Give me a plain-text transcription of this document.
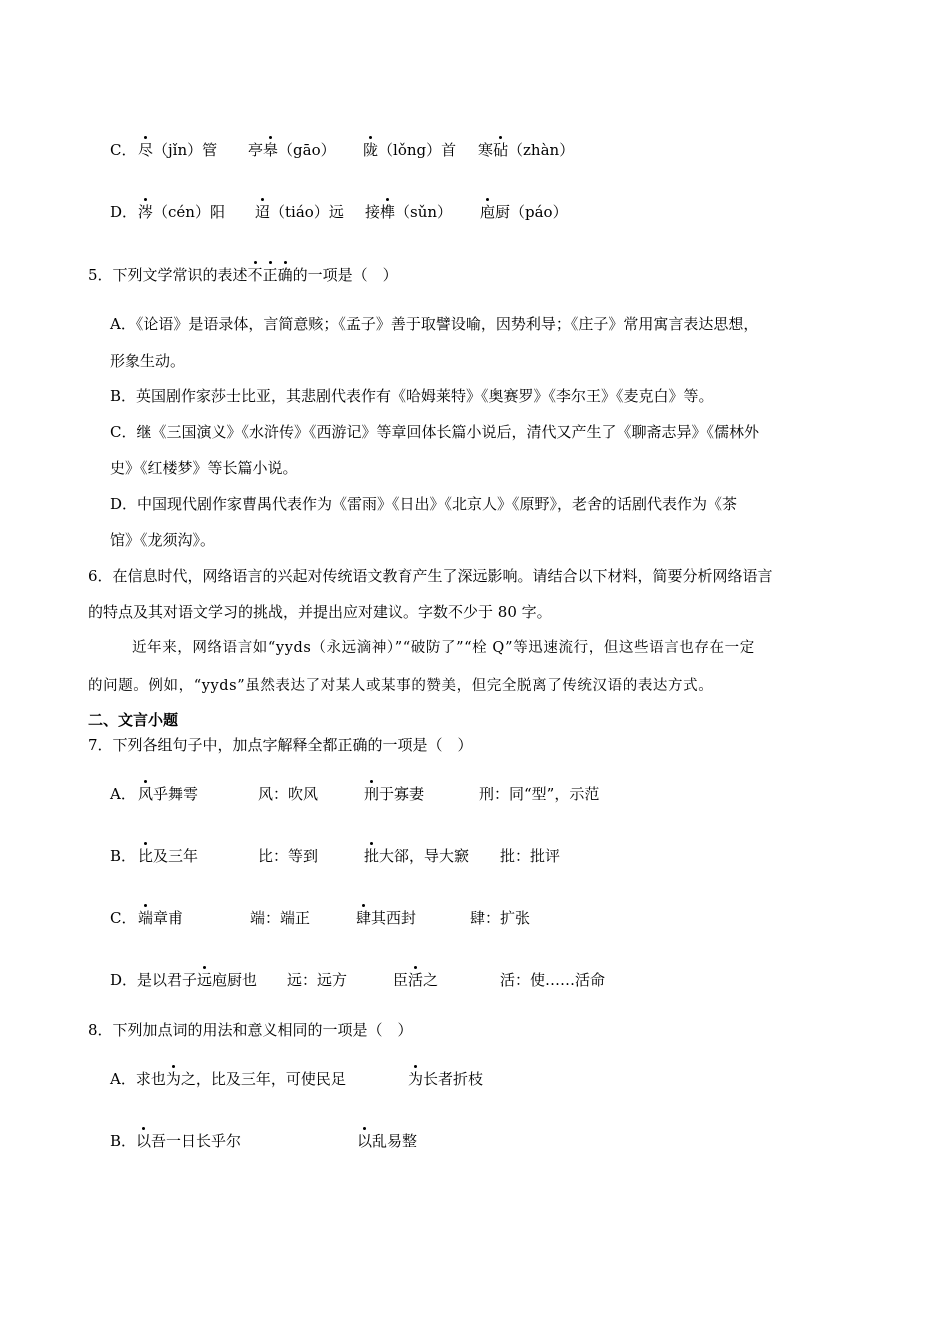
C． 尽（jǐn）管 亭皋（gāo） 陇（lǒng）首 寒砧（zhàn）
D． 涔（cén）阳 迢（tiáo）远 接榫（sǔn） 庖厨（páo）
5．下列文学常识的表述不正确的一项是（　）
A．《论语》是语录体，言简意赅；《孟子》善于取譬设喻，因势利导；《庄子》常用寓言表达思想，
形象生动。
B．英国剧作家莎士比亚，其悲剧代表作有《哈姆莱特》《奥赛罗》《李尔王》《麦克白》等。
C．继《三国演义》《水浒传》《西游记》等章回体长篇小说后，清代又产生了《聊斋志异》《儒林外
史》《红楼梦》等长篇小说。
D．中国现代剧作家曹禺代表作为《雷雨》《日出》《北京人》《原野》，老舍的话剧代表作为《茶
馆》《龙须沟》。
6．在信息时代，网络语言的兴起对传统语文教育产生了深远影响。请结合以下材料，简要分析网络语言
的特点及其对语文学习的挑战，并提出应对建议。字数不少于 80 字。
近年来，网络语言如“yyds（永远滴神）”“破防了”“栓 Q”等迅速流行，但这些语言也存在一定
的问题。例如，“yyds”虽然表达了对某人或某事的赞美，但完全脱离了传统汉语的表达方式。
二、文言小题
7．下列各组句子中，加点字解释全都正确的一项是（　）
A． 风乎舞雩	风：吹风	刑于寡妻	刑：同“型”，示范
B． 比及三年	比：等到	批大郤，导大窾 批：批评
C． 端章甫	端：端正	肆其西封	肆：扩张
D．是以君子远庖厨也 远：远方	臣活之	活：使……活命
8．下列加点词的用法和意义相同的一项是（　）
A．求也为之，比及三年，可使民足	为长者折枝
B．以吾一日长乎尔	以乱易整
